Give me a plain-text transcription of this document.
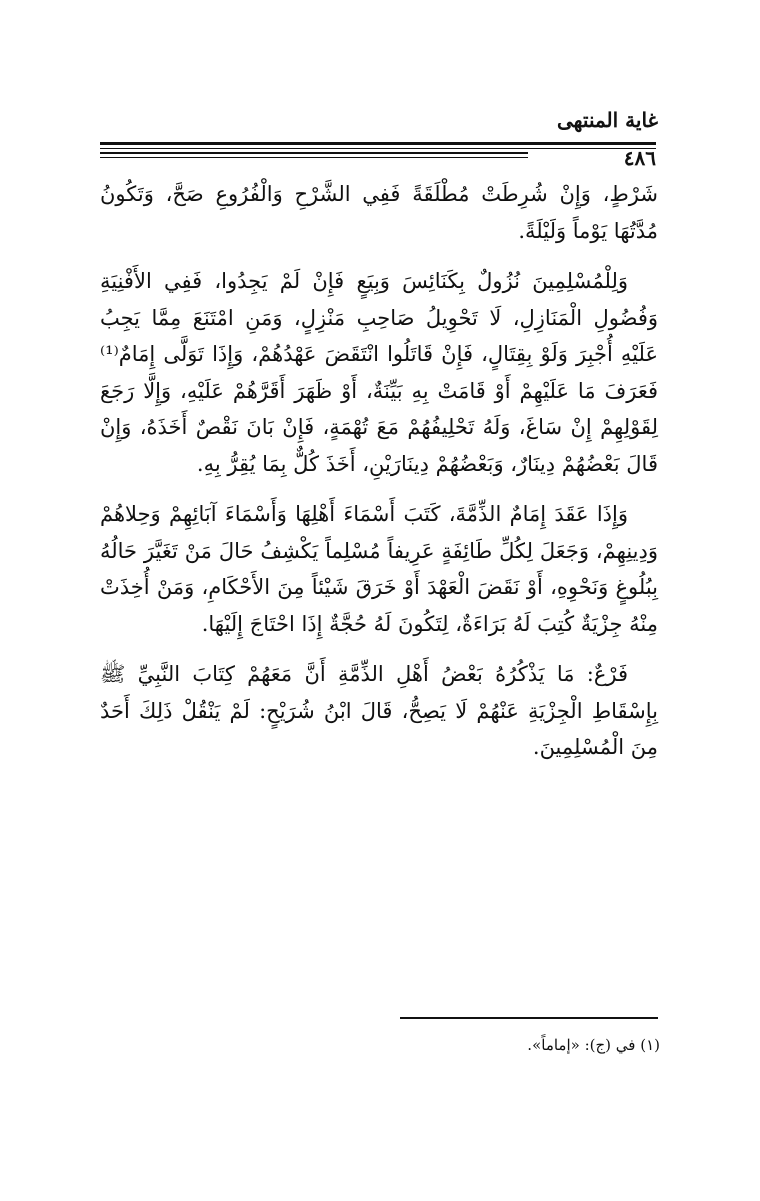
غاية المنتهى
٤٨٦

شَرْطٍ، وَإِنْ شُرِطَتْ مُطْلَقَةً فَفِي الشَّرْحِ وَالْفُرُوعِ صَحَّ، وَتَكُونُ مُدَّتُهَا يَوْماً وَلَيْلَةً.

وَلِلْمُسْلِمِينَ نُزُولٌ بِكَنَائِسَ وَبِيَعٍ فَإِنْ لَمْ يَجِدُوا، فَفِي الأَفْنِيَةِ وَفُضُولِ الْمَنَازِلِ، لَا تَحْوِيلُ صَاحِبِ مَنْزِلٍ، وَمَنِ امْتَنَعَ مِمَّا يَجِبُ عَلَيْهِ أُجْبِرَ وَلَوْ بِقِتَالٍ، فَإِنْ قَاتَلُوا انْتَقَضَ عَهْدُهُمْ، وَإِذَا تَوَلَّى إِمَامٌ⁽¹⁾ فَعَرَفَ مَا عَلَيْهِمْ أَوْ قَامَتْ بِهِ بَيِّنَةٌ، أَوْ ظَهَرَ أَقَرَّهُمْ عَلَيْهِ، وَإِلَّا رَجَعَ لِقَوْلِهِمْ إِنْ سَاغَ، وَلَهُ تَحْلِيفُهُمْ مَعَ تُهْمَةٍ، فَإِنْ بَانَ نَقْصٌ أَخَذَهُ، وَإِنْ قَالَ بَعْضُهُمْ دِينَارٌ، وَبَعْضُهُمْ دِينَارَيْنِ، أَخَذَ كُلٌّ بِمَا يُقِرُّ بِهِ.

وَإِذَا عَقَدَ إِمَامٌ الذِّمَّةَ، كَتَبَ أَسْمَاءَ أَهْلِهَا وَأَسْمَاءَ آبَائِهِمْ وَحِلاهُمْ وَدِينِهِمْ، وَجَعَلَ لِكُلِّ طَائِفَةٍ عَرِيفاً مُسْلِماً يَكْشِفُ حَالَ مَنْ تَغَيَّرَ حَالُهُ بِبُلُوغٍ وَنَحْوِهِ، أَوْ نَقَضَ الْعَهْدَ أَوْ خَرَقَ شَيْئاً مِنَ الأَحْكَامِ، وَمَنْ أُخِذَتْ مِنْهُ جِزْيَةٌ كُتِبَ لَهُ بَرَاءَةٌ، لِتَكُونَ لَهُ حُجَّةٌ إِذَا احْتَاجَ إِلَيْهَا.

فَرْعٌ: مَا يَذْكُرُهُ بَعْضُ أَهْلِ الذِّمَّةِ أَنَّ مَعَهُمْ كِتَابَ النَّبِيِّ ﷺ بِإِسْقَاطِ الْجِزْيَةِ عَنْهُمْ لَا يَصِحُّ، قَالَ ابْنُ شُرَيْحٍ: لَمْ يَنْقُلْ ذَلِكَ أَحَدٌ مِنَ الْمُسْلِمِينَ.

(١) في (ج): «إماماً».
